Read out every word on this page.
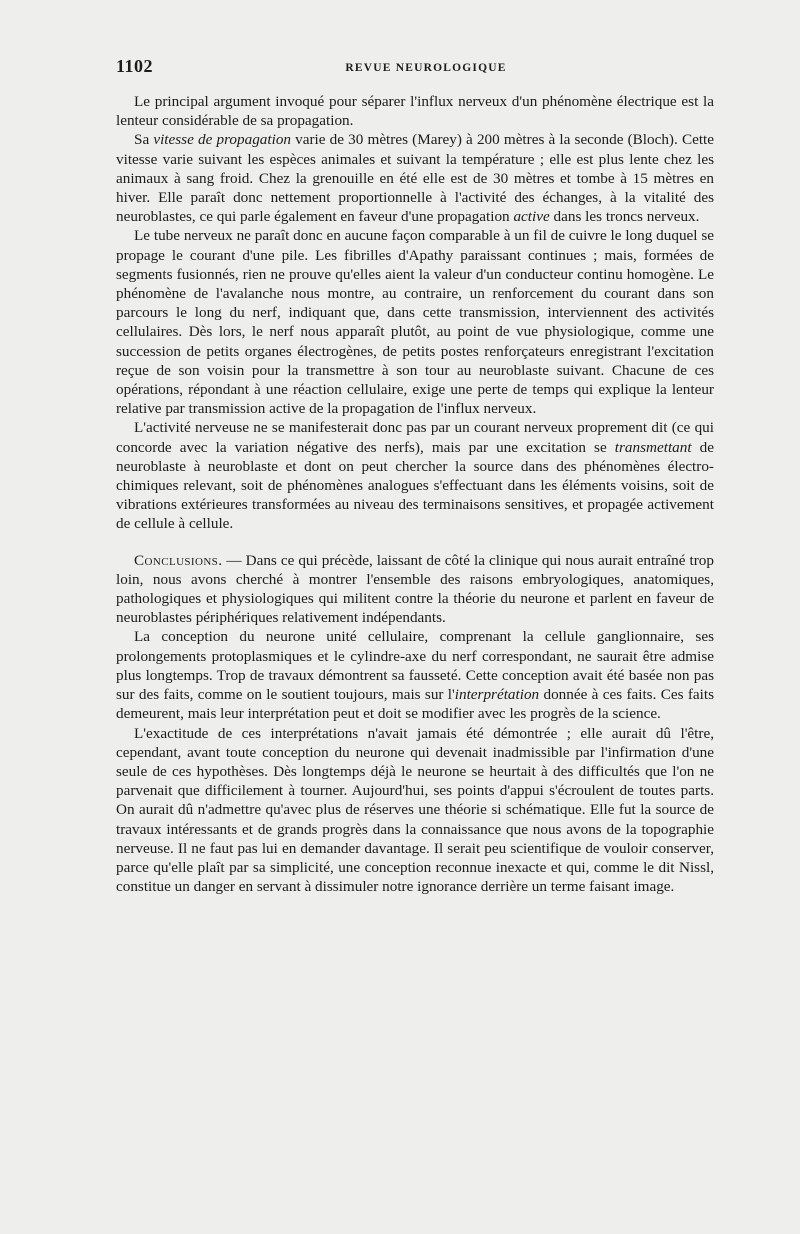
1102	REVUE NEUROLOGIQUE

Le principal argument invoqué pour séparer l'influx nerveux d'un phénomène électrique est la lenteur considérable de sa propagation.

Sa vitesse de propagation varie de 30 mètres (Marey) à 200 mètres à la seconde (Bloch). Cette vitesse varie suivant les espèces animales et suivant la température ; elle est plus lente chez les animaux à sang froid. Chez la grenouille en été elle est de 30 mètres et tombe à 15 mètres en hiver. Elle paraît donc nettement proportionnelle à l'activité des échanges, à la vitalité des neuroblastes, ce qui parle également en faveur d'une propagation active dans les troncs nerveux.

Le tube nerveux ne paraît donc en aucune façon comparable à un fil de cuivre le long duquel se propage le courant d'une pile. Les fibrilles d'Apathy paraissant continues ; mais, formées de segments fusionnés, rien ne prouve qu'elles aient la valeur d'un conducteur continu homogène. Le phénomène de l'avalanche nous montre, au contraire, un renforcement du courant dans son parcours le long du nerf, indiquant que, dans cette transmission, interviennent des activités cellulaires. Dès lors, le nerf nous apparaît plutôt, au point de vue physiologique, comme une succession de petits organes électrogènes, de petits postes renforçateurs enregistrant l'excitation reçue de son voisin pour la transmettre à son tour au neuroblaste suivant. Chacune de ces opérations, répondant à une réaction cellulaire, exige une perte de temps qui explique la lenteur relative par transmission active de la propagation de l'influx nerveux.

L'activité nerveuse ne se manifesterait donc pas par un courant nerveux proprement dit (ce qui concorde avec la variation négative des nerfs), mais par une excitation se transmettant de neuroblaste à neuroblaste et dont on peut chercher la source dans des phénomènes électro-chimiques relevant, soit de phénomènes analogues s'effectuant dans les éléments voisins, soit de vibrations extérieures transformées au niveau des terminaisons sensitives, et propagée activement de cellule à cellule.

Conclusions. — Dans ce qui précède, laissant de côté la clinique qui nous aurait entraîné trop loin, nous avons cherché à montrer l'ensemble des raisons embryologiques, anatomiques, pathologiques et physiologiques qui militent contre la théorie du neurone et parlent en faveur de neuroblastes périphériques relativement indépendants.

La conception du neurone unité cellulaire, comprenant la cellule ganglionnaire, ses prolongements protoplasmiques et le cylindre-axe du nerf correspondant, ne saurait être admise plus longtemps. Trop de travaux démontrent sa fausseté. Cette conception avait été basée non pas sur des faits, comme on le soutient toujours, mais sur l'interprétation donnée à ces faits. Ces faits demeurent, mais leur interprétation peut et doit se modifier avec les progrès de la science.

L'exactitude de ces interprétations n'avait jamais été démontrée ; elle aurait dû l'être, cependant, avant toute conception du neurone qui devenait inadmissible par l'infirmation d'une seule de ces hypothèses. Dès longtemps déjà le neurone se heurtait à des difficultés que l'on ne parvenait que difficilement à tourner. Aujourd'hui, ses points d'appui s'écroulent de toutes parts. On aurait dû n'admettre qu'avec plus de réserves une théorie si schématique. Elle fut la source de travaux intéressants et de grands progrès dans la connaissance que nous avons de la topographie nerveuse. Il ne faut pas lui en demander davantage. Il serait peu scientifique de vouloir conserver, parce qu'elle plaît par sa simplicité, une conception reconnue inexacte et qui, comme le dit Nissl, constitue un danger en servant à dissimuler notre ignorance derrière un terme faisant image.
